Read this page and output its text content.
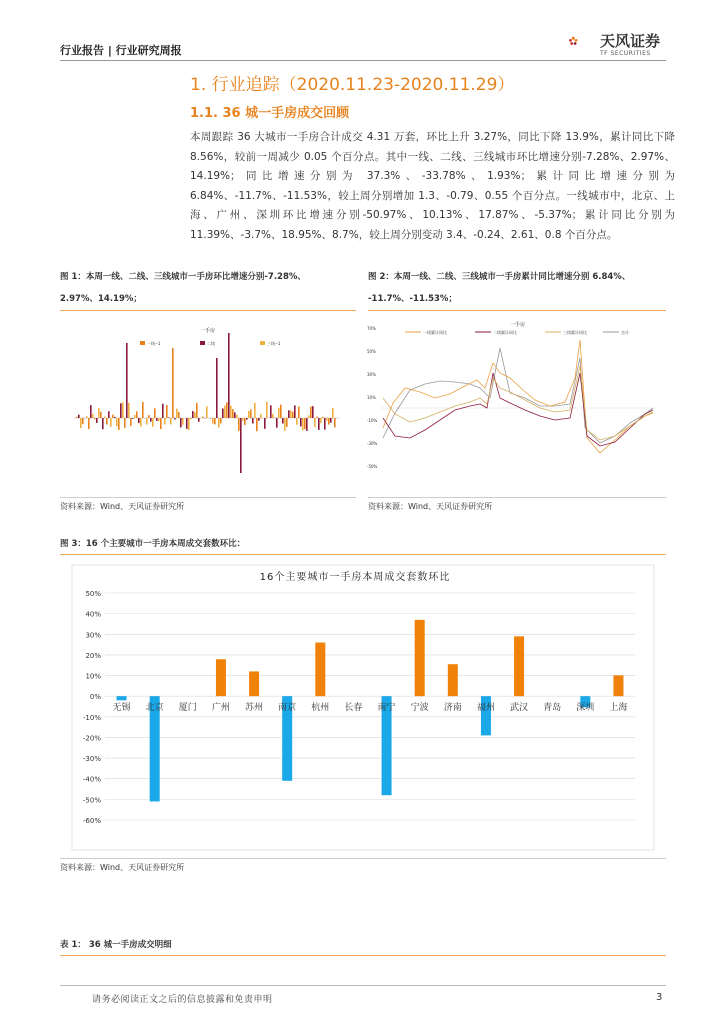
行业报告 | 行业研究周报
天风证券
TF SECURITIES
1. 行业追踪（2020.11.23-2020.11.29）
1.1. 36 城一手房成交回顾
本周跟踪 36 大城市一手房合计成交 4.31 万套，环比上升 3.27%，同比下降 13.9%，累计同比下降 8.56%，较前一周减少 0.05 个百分点。其中一线、二线、三线城市环比增速分别-7.28%、2.97%、14.19%；同比增速分别为 37.3%、-33.78%、1.93%；累计同比增速分别为 6.84%、-11.7%、-11.53%，较上周分别增加 1.3、-0.79、0.55 个百分点。一线城市中，北京、上海、广州、深圳环比增速分别-50.97%、10.13%、17.87%、-5.37%；累计同比分别为 11.39%、-3.7%、18.95%、8.7%，较上周分别变动 3.4、-0.24、2.61、0.8 个百分点。
图 1：本周一线、二线、三线城市一手房环比增速分别-7.28%、
2.97%、14.19%；
一手房
一线--1	二线	三线--1
资料来源：Wind、天风证券研究所
图 2：本周一线、二线、三线城市一手房累计同比增速分别 6.84%、
-11.7%、-11.53%；
一手房
一线累计同比	二线累计同比	三线累计同比	合计
70%
50%
30%
10%
-10%
-30%
-50%
资料来源：Wind、天风证券研究所
图 3：16 个主要城市一手房本周成交套数环比：
16个主要城市一手房本周成交套数环比
50%
40%
30%
20%
10%
0%
-10%
-20%
-30%
-40%
-50%
-60%
无锡 北京 厦门 广州 苏州 南京 杭州 长春 南宁 宁波 济南 福州 武汉 青岛 深圳 上海
资料来源：Wind、天风证券研究所
表 1： 36 城一手房成交明细
请务必阅读正文之后的信息披露和免责申明	3
